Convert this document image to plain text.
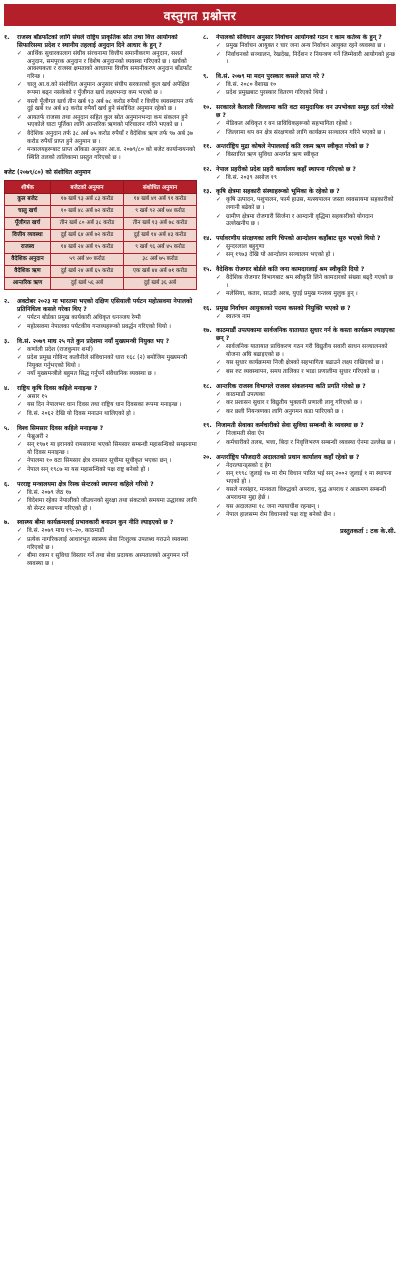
वस्तुगत प्रश्नोत्तर
१.	राजस्व बाँडफाँटको लागि संघले राष्ट्रिय प्राकृतिक स्रोत तथा वित्त आयोगको सिफारिसमा प्रदेश र स्थानीय तहलाई अनुदान दिने आधार के हुन् ?
✓ आर्थिक सुधारकालाग संघीय संरचनामा वित्तीय समानीकरण अनुदान, सशर्त अनुदान, समपूरक अनुदान र विशेष अनुदानको व्यवस्था गरिएको छ । खर्चको आवश्यकता र राजस्व क्षमताको आधारमा वित्तीय समानीकरण अनुदान बाँडफाँट गरिन्छ ।
✓ चालु आ.व.को संशोधित अनुमान अनुसार संघीय सरकारको कुल खर्च अपेक्षित रूपमा बढ्न नसकेको र पुँजीगत खर्च लक्ष्यभन्दा कम भएको छ ।
✓ यस्तो पूँजीगत खर्च तीन खर्ब १३ अर्ब ७८ करोड रुपैयाँ र वित्तीय व्यवस्थापन तर्फ दुई खर्ब १४ अर्ब ४३ करोड रुपैयाँ खर्च हुने संशोधित अनुमान रहेको छ ।
✓ आयतर्फ राजस्व तथा अनुदान सहित कुल स्रोत अनुमानभन्दा कम संकलन हुने भएकोले घाटा पूर्तिका लागि आन्तरिक ऋणको परिचालन गरिने भएको छ ।
✓ वैदेशिक अनुदान तर्फ ३८ अर्ब ७५ करोड रुपैयाँ र वैदेशिक ऋण तर्फ ९७ अर्ब ३७ करोड रुपैयाँ प्राप्त हुने अनुमान छ ।
✓ मन्त्रालयहरूबाट प्राप्त आँकडा अनुसार आ.व. २०७९/८० को बजेट कार्यान्वयनको स्थिति तलको तालिकामा प्रस्तुत गरिएको छ ।
बजेट (२०७९/८०) को संशोधित अनुमान
शीर्षक	बजेटको अनुमान	संशोधित अनुमान
कुल बजेट	१७ खर्ब ९३ अर्ब ८३ करोड	१४ खर्ब ४१ अर्ब ९१ करोड
चालु खर्च	१० खर्ब ४८ अर्ब ७२ करोड	९ खर्ब ९२ अर्ब ७४ करोड
पूँजीगत खर्च	तीन खर्ब ८० अर्ब ३८ करोड	तीन खर्ब १३ अर्ब ७८ करोड
वित्तीय व्यवस्था	दुई खर्ब ६४ अर्ब ७२ करोड	दुई खर्ब १४ अर्ब ४३ करोड
राजस्व	१४ खर्ब २४ अर्ब १५ करोड	९ खर्ब ९६ अर्ब ४५ करोड
वैदेशिक अनुदान	५९ अर्ब ४० करोड	३८ अर्ब ७५ करोड
वैदेशिक ऋण	दुई खर्ब २४ अर्ब ६५ करोड	एक खर्ब ४४ अर्ब ७१ करोड
आन्तरिक ऋण	दुई खर्ब ५६ अर्ब	दुई खर्ब ३६ अर्ब
२.	अक्टोबर २०२३ मा भारतमा भएको दक्षिण एसियाली पर्यटन महोत्सवमा नेपालको प्रतिनिधित्व कसले गरेका थिए ?
✓ पर्यटन बोर्डका प्रमुख कार्यकारी अधिकृत धनञ्जय रेग्मी
✓ महोत्सवमा नेपालका पर्यटकीय गन्तव्यहरूको प्रवर्द्धन गरिएको थियो ।
३.	वि.सं. २०७९ माघ २५ गते कुन प्रदेशमा नयाँ मुख्यमन्त्री नियुक्त भए ?
✓ कर्णाली प्रदेश (राजकुमार शर्मा)
✓ प्रदेश प्रमुख गोविन्द कलौनीले संविधानको धारा १६८ (२) बमोजिम मुख्यमन्त्री नियुक्त गर्नुभएको थियो ।
✓ नयाँ मुख्यमन्त्रीले बहुमत सिद्ध गर्नुपर्ने संवैधानिक व्यवस्था छ ।
४.	राष्ट्रिय कृषि दिवस कहिले मनाइन्छ ?
✓ असार १५
✓ यस दिन नेपालभर धान दिवस तथा राष्ट्रिय धान दिवसका रूपमा मनाइन्छ ।
✓ वि.सं. २०६२ देखि यो दिवस मनाउन थालिएको हो ।
५.	विश्व सिमसार दिवस कहिले मनाइन्छ ?
✓ फेब्रुअरी २
✓ सन् १९७१ मा इरानको रामसारमा भएको सिमसार सम्बन्धी महासन्धिको सम्झनामा यो दिवस मनाइन्छ ।
✓ नेपालमा १० वटा सिमसार क्षेत्र रामसार सूचीमा सूचीकृत भएका छन् ।
✓ नेपाल सन् १९८७ मा यस महासन्धिको पक्ष राष्ट्र बनेको हो ।
६.	परराष्ट्र मन्त्रालयमा क्षेत्र रिस्क सेन्टरको स्थापना कहिले गरियो ?
✓ वि.सं. २०७९ जेठ १७
✓ विदेशमा रहेका नेपालीको जीउधनको सुरक्षा तथा संकटको समयमा उद्धारका लागि यो सेन्टर स्थापना गरिएको हो ।
७.	स्वास्थ्य बीमा कार्यक्रमलाई प्रभावकारी बनाउन कुन नीति ल्याइएको छ ?
✓ वि.सं. २०७९ माघ १९–२०, काठमाडौं
✓ प्रत्येक नागरिकलाई आधारभूत स्वास्थ्य सेवा निःशुल्क उपलब्ध गराउने व्यवस्था गरिएको छ ।
✓ बीमा रकम र सुविधा विस्तार गर्ने तथा सेवा प्रदायक अस्पतालको अनुगमन गर्ने व्यवस्था छ ।
८.	नेपालको संविधान अनुसार निर्वाचन आयोगको गठन र काम कर्तव्य के हुन् ?
✓ प्रमुख निर्वाचन आयुक्त र चार जना अन्य निर्वाचन आयुक्त रहने व्यवस्था छ ।
✓ निर्वाचनको सञ्चालन, रेखदेख, निर्देशन र नियन्त्रण गर्ने जिम्मेवारी आयोगको हुन्छ ।
९.	वि.सं. २०७९ मा मदन पुरस्कार कसले प्राप्त गरे ?
✓ वि.सं. २०८० वैशाख १०
✓ प्रदेश प्रमुखबाट पुरस्कार वितरण गरिएको थियो ।
१०. सरकारले कैलाली जिल्लामा कति वटा सामुदायिक वन उपभोक्ता समूह दर्ता गरेको छ ?
✓ मेडिकल अधिकृत र वन प्राविधिकहरूको सहभागिता रहेको ।
✓ जिल्लामा थप वन क्षेत्र संरक्षणको लागि कार्यक्रम सञ्चालन गरिने भएको छ ।
११. अन्तर्राष्ट्रिय मुद्रा कोषले नेपाललाई कति रकम ऋण स्वीकृत गरेको छ ?
✓ विस्तारित ऋण सुविधा अन्तर्गत ऋण स्वीकृत
१२. नेपाल प्रहरीको प्रदेश प्रहरी कार्यालय कहाँ स्थापना गरिएको छ ?
✓ वि.सं. २०३९ असोज १९
१३. कृषि क्षेत्रमा सहकारी संस्थाहरूको भूमिका के रहेको छ ?
✓ कृषि उत्पादन, पशुपालन, फार्म हाउस, मत्स्यपालन जस्ता व्यवसायमा सहकारीको लगानी बढेको छ ।
✓ ग्रामीण क्षेत्रमा रोजगारी सिर्जना र आम्दानी वृद्धिमा सहकारीको योगदान उल्लेखनीय छ ।
१४. पर्यावरणीय संरक्षणका लागि चिपको आन्दोलन कहाँबाट सुरु भएको थियो ?
✓ सुन्दरलाल बहुगुणा
✓ सन् १९७३ देखि यो आन्दोलन सञ्चालन भएको हो ।
१५. वैदेशिक रोजगार बोर्डले कति जना कामदारलाई श्रम स्वीकृति दियो ?
✓ वैदेशिक रोजगार विभागबाट श्रम स्वीकृति लिने कामदारको संख्या बढ्दै गएको छ ।
✓ मलेसिया, कतार, साउदी अरब, युएई प्रमुख गन्तव्य मुलुक हुन् ।
१६. प्रमुख निर्वाचन आयुक्तको पदमा कसको नियुक्ति भएको छ ?
✓ स्वतन्त्र नाम
१७. काठमाडौं उपत्यकामा सार्वजनिक यातायात सुधार गर्न के कस्ता कार्यक्रम ल्याइएका छन् ?
✓ सार्वजनिक यातायात प्राधिकरण गठन गरी विद्युतीय सवारी साधन सञ्चालनको योजना अघि बढाइएको छ ।
✓ यस सुधार कार्यक्रममा निजी क्षेत्रको सहभागिता बढाउने लक्ष्य राखिएको छ ।
✓ बस रुट व्यवस्थापन, समय तालिका र भाडा प्रणालीमा सुधार गरिएको छ ।
१८. आन्तरिक राजस्व विभागले राजस्व संकलनमा कति प्रगति गरेको छ ?
✓ काठमाडौं उपत्यका
✓ कर प्रशासन सुधार र विद्युतीय भुक्तानी प्रणाली लागू गरिएको छ ।
✓ कर छली नियन्त्रणका लागि अनुगमन कडा पारिएको छ ।
१९. निजामती सेवाका कर्मचारीको सेवा सुविधा सम्बन्धी के व्यवस्था छ ?
✓ निजामती सेवा ऐन
✓ कर्मचारीको तलब, भत्ता, बिदा र निवृत्तिभरण सम्बन्धी व्यवस्था ऐनमा उल्लेख छ ।
२०. अन्तर्राष्ट्रिय फौजदारी अदालतको प्रधान कार्यालय कहाँ रहेको छ ?
✓ नेदरल्यान्ड्सको द हेग
✓ सन् १९९८ जुलाई १७ मा रोम विधान पारित भई सन् २००२ जुलाई १ मा स्थापना भएको हो ।
✓ यसले नरसंहार, मानवता विरुद्धको अपराध, युद्ध अपराध र आक्रमण सम्बन्धी अपराधमा मुद्दा हेर्छ ।
✓ यस अदालतमा १८ जना न्यायाधीश रहन्छन् ।
✓ नेपाल हालसम्म रोम विधानको पक्ष राष्ट्र बनेको छैन ।
प्रस्तुतकर्ता : टक के.सी.
